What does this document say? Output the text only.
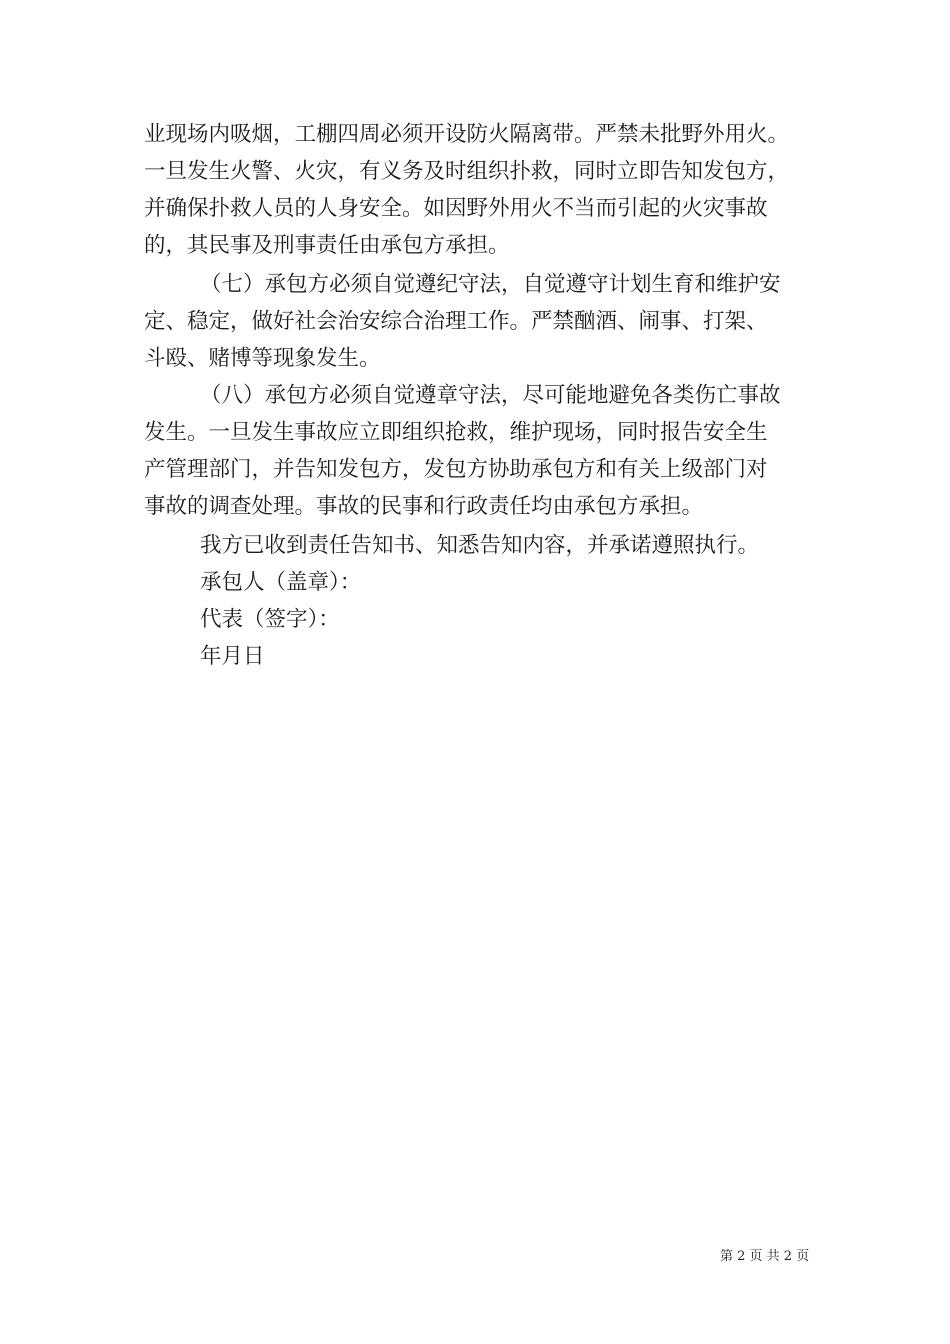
业现场内吸烟，工棚四周必须开设防火隔离带。严禁未批野外用火。
一旦发生火警、火灾，有义务及时组织扑救，同时立即告知发包方，
并确保扑救人员的人身安全。如因野外用火不当而引起的火灾事故
的，其民事及刑事责任由承包方承担。
（七）承包方必须自觉遵纪守法，自觉遵守计划生育和维护安
定、稳定，做好社会治安综合治理工作。严禁酗酒、闹事、打架、
斗殴、赌博等现象发生。
（八）承包方必须自觉遵章守法，尽可能地避免各类伤亡事故
发生。一旦发生事故应立即组织抢救，维护现场，同时报告安全生
产管理部门，并告知发包方，发包方协助承包方和有关上级部门对
事故的调查处理。事故的民事和行政责任均由承包方承担。
我方已收到责任告知书、知悉告知内容，并承诺遵照执行。
承包人（盖章）：
代表（签字）：
年月日
第 2 页 共 2 页
